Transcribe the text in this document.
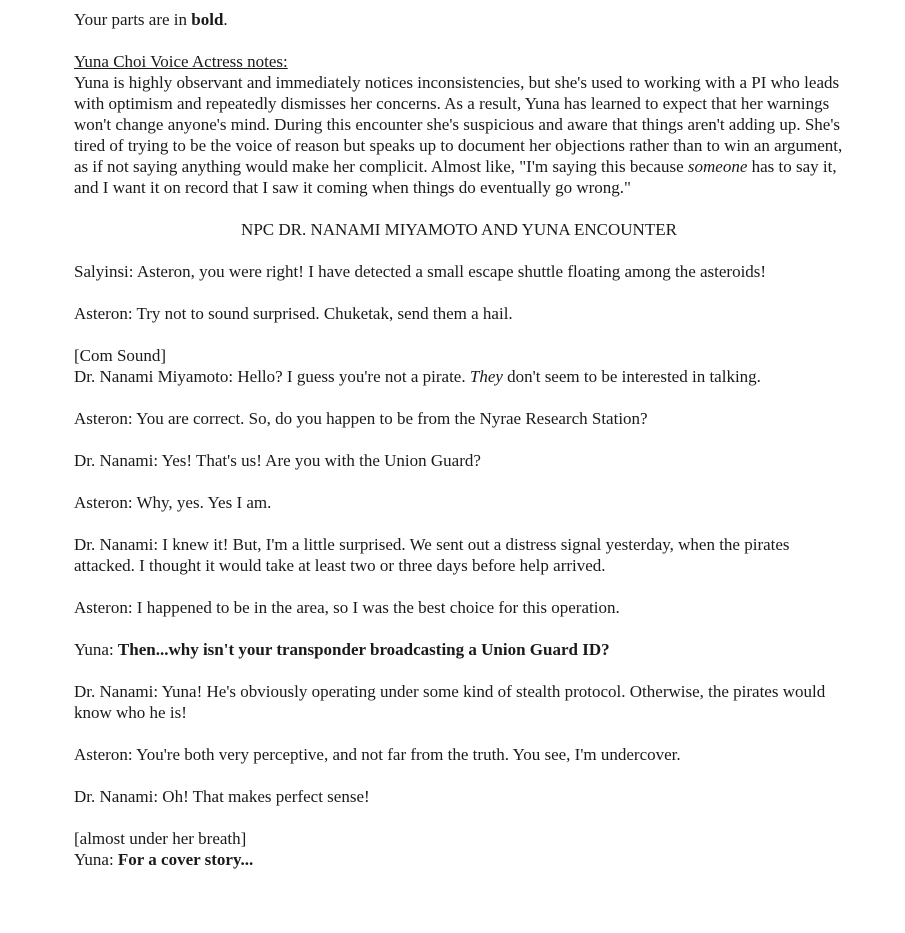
Your parts are in bold.

Yuna Choi Voice Actress notes:
Yuna is highly observant and immediately notices inconsistencies, but she's used to working with a PI who leads with optimism and repeatedly dismisses her concerns. As a result, Yuna has learned to expect that her warnings won't change anyone's mind. During this encounter she's suspicious and aware that things aren't adding up. She's tired of trying to be the voice of reason but speaks up to document her objections rather than to win an argument, as if not saying anything would make her complicit. Almost like, "I'm saying this because someone has to say it, and I want it on record that I saw it coming when things do eventually go wrong."

NPC DR. NANAMI MIYAMOTO AND YUNA ENCOUNTER

Salyinsi: Asteron, you were right! I have detected a small escape shuttle floating among the asteroids!

Asteron: Try not to sound surprised. Chuketak, send them a hail.

[Com Sound]
Dr. Nanami Miyamoto: Hello? I guess you're not a pirate. They don't seem to be interested in talking.

Asteron: You are correct. So, do you happen to be from the Nyrae Research Station?

Dr. Nanami: Yes! That's us! Are you with the Union Guard?

Asteron: Why, yes. Yes I am.

Dr. Nanami: I knew it! But, I'm a little surprised. We sent out a distress signal yesterday, when the pirates attacked. I thought it would take at least two or three days before help arrived.

Asteron: I happened to be in the area, so I was the best choice for this operation.

Yuna: Then...why isn't your transponder broadcasting a Union Guard ID?

Dr. Nanami: Yuna! He's obviously operating under some kind of stealth protocol. Otherwise, the pirates would know who he is!

Asteron: You're both very perceptive, and not far from the truth. You see, I'm undercover.

Dr. Nanami: Oh! That makes perfect sense!

[almost under her breath]
Yuna: For a cover story...
